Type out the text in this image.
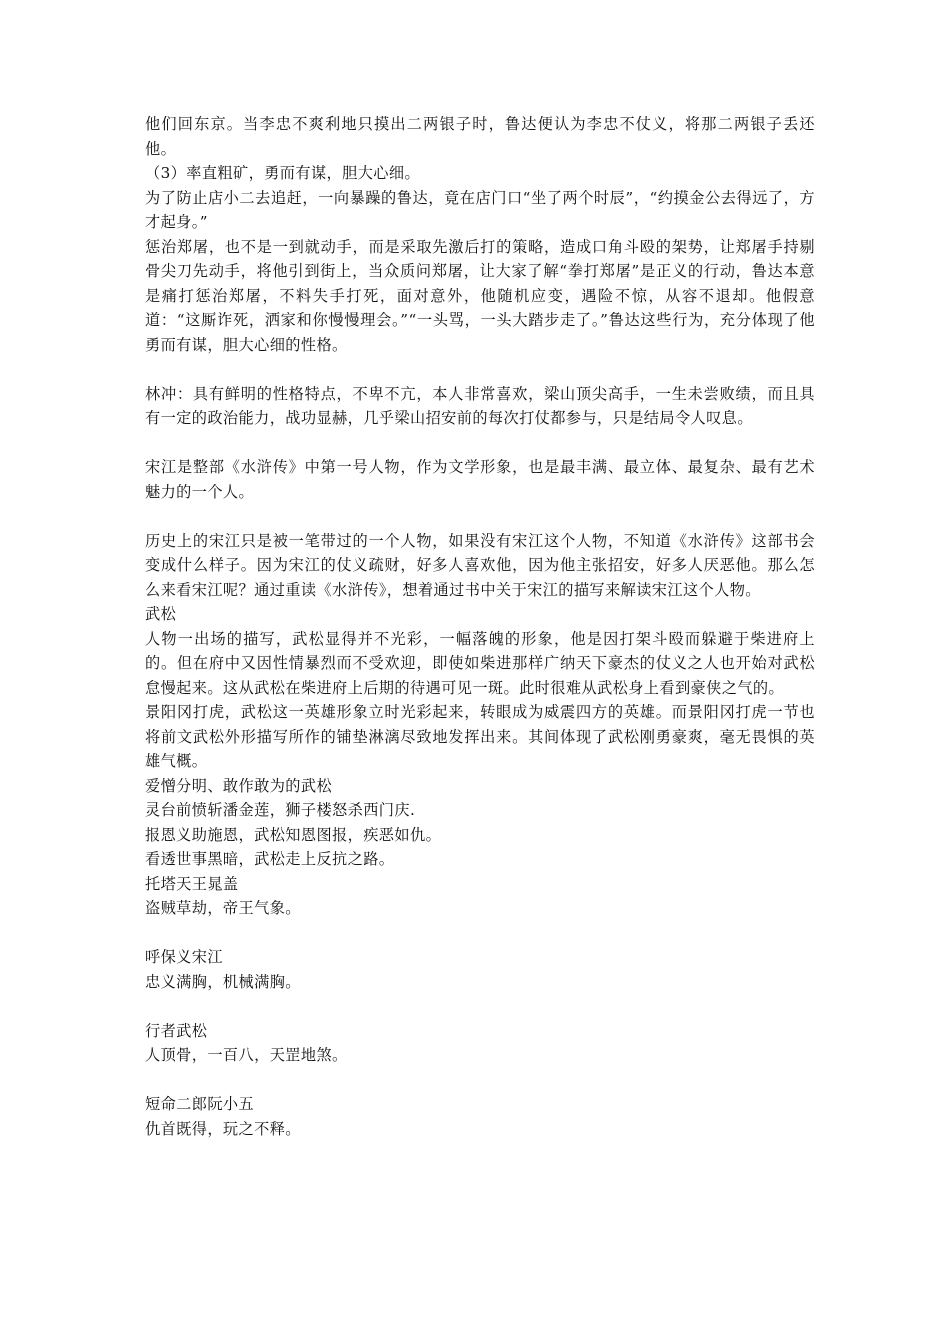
他们回东京。当李忠不爽利地只摸出二两银子时，鲁达便认为李忠不仗义，将那二两银子丢还他。

（3）率直粗矿，勇而有谋，胆大心细。

为了防止店小二去追赶，一向暴躁的鲁达，竟在店门口“坐了两个时辰”，“约摸金公去得远了，方才起身。”

惩治郑屠，也不是一到就动手，而是采取先激后打的策略，造成口角斗殴的架势，让郑屠手持剔骨尖刀先动手，将他引到街上，当众质问郑屠，让大家了解“拳打郑屠”是正义的行动，鲁达本意是痛打惩治郑屠，不料失手打死，面对意外，他随机应变，遇险不惊，从容不退却。他假意道：“这厮诈死，洒家和你慢慢理会。”“一头骂，一头大踏步走了。”鲁达这些行为，充分体现了他勇而有谋，胆大心细的性格。

林冲：具有鲜明的性格特点，不卑不亢，本人非常喜欢，梁山顶尖高手，一生未尝败绩，而且具有一定的政治能力，战功显赫，几乎梁山招安前的每次打仗都参与，只是结局令人叹息。

宋江是整部《水浒传》中第一号人物，作为文学形象，也是最丰满、最立体、最复杂、最有艺术魅力的一个人。

历史上的宋江只是被一笔带过的一个人物，如果没有宋江这个人物，不知道《水浒传》这部书会变成什么样子。因为宋江的仗义疏财，好多人喜欢他，因为他主张招安，好多人厌恶他。那么怎么来看宋江呢？通过重读《水浒传》，想着通过书中关于宋江的描写来解读宋江这个人物。

武松

人物一出场的描写，武松显得并不光彩，一幅落魄的形象，他是因打架斗殴而躲避于柴进府上的。但在府中又因性情暴烈而不受欢迎，即使如柴进那样广纳天下豪杰的仗义之人也开始对武松怠慢起来。这从武松在柴进府上后期的待遇可见一斑。此时很难从武松身上看到豪侠之气的。

景阳冈打虎，武松这一英雄形象立时光彩起来，转眼成为威震四方的英雄。而景阳冈打虎一节也将前文武松外形描写所作的铺垫淋漓尽致地发挥出来。其间体现了武松刚勇豪爽，毫无畏惧的英雄气概。

爱憎分明、敢作敢为的武松

灵台前愤斩潘金莲，狮子楼怒杀西门庆.

报恩义助施恩，武松知恩图报，疾恶如仇。

看透世事黑暗，武松走上反抗之路。

托塔天王晁盖

盗贼草劫，帝王气象。

呼保义宋江

忠义满胸，机械满胸。

行者武松

人顶骨，一百八，天罡地煞。

短命二郎阮小五

仇首既得，玩之不释。
